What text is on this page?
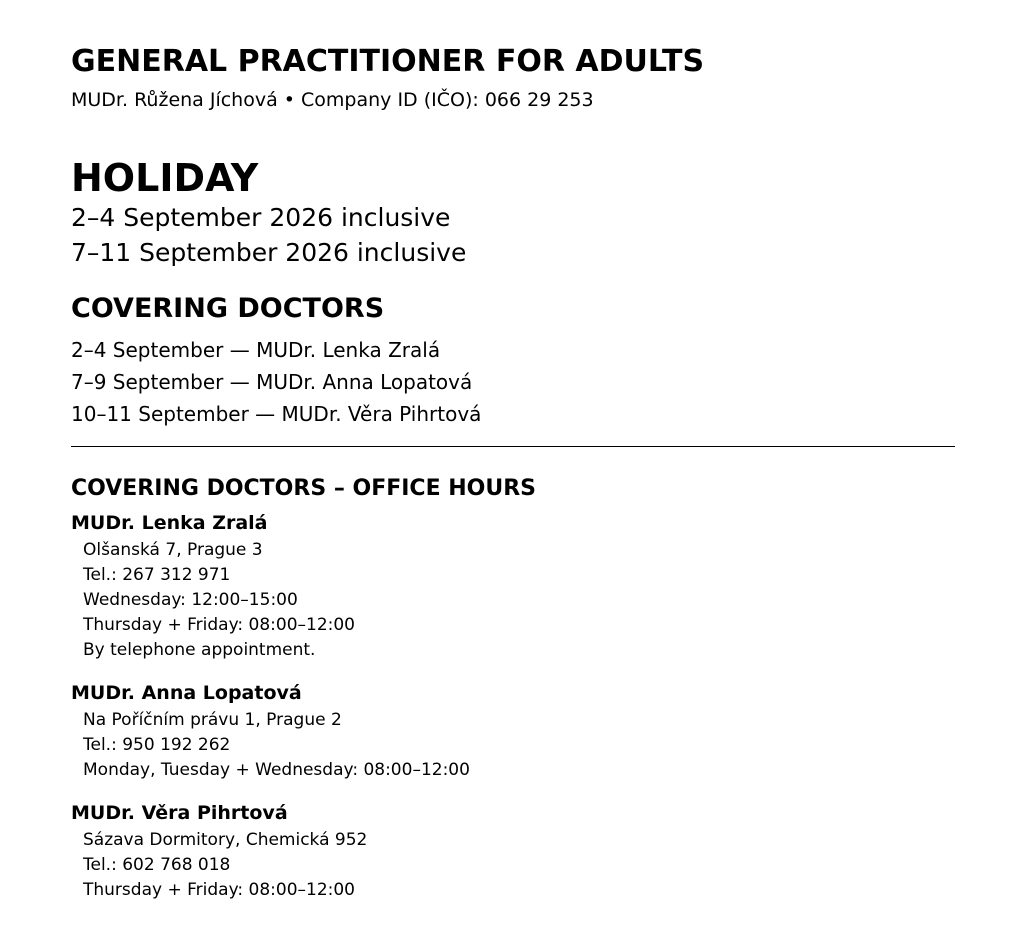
GENERAL PRACTITIONER FOR ADULTS
MUDr. Růžena Jíchová • Company ID (IČO): 066 29 253
HOLIDAY
2–4 September 2026 inclusive
7–11 September 2026 inclusive
COVERING DOCTORS
2–4 September — MUDr. Lenka Zralá
7–9 September — MUDr. Anna Lopatová
10–11 September — MUDr. Věra Pihrtová
COVERING DOCTORS – OFFICE HOURS
MUDr. Lenka Zralá
Olšanská 7, Prague 3
Tel.: 267 312 971
Wednesday: 12:00–15:00
Thursday + Friday: 08:00–12:00
By telephone appointment.
MUDr. Anna Lopatová
Na Poříčním právu 1, Prague 2
Tel.: 950 192 262
Monday, Tuesday + Wednesday: 08:00–12:00
MUDr. Věra Pihrtová
Sázava Dormitory, Chemická 952
Tel.: 602 768 018
Thursday + Friday: 08:00–12:00
